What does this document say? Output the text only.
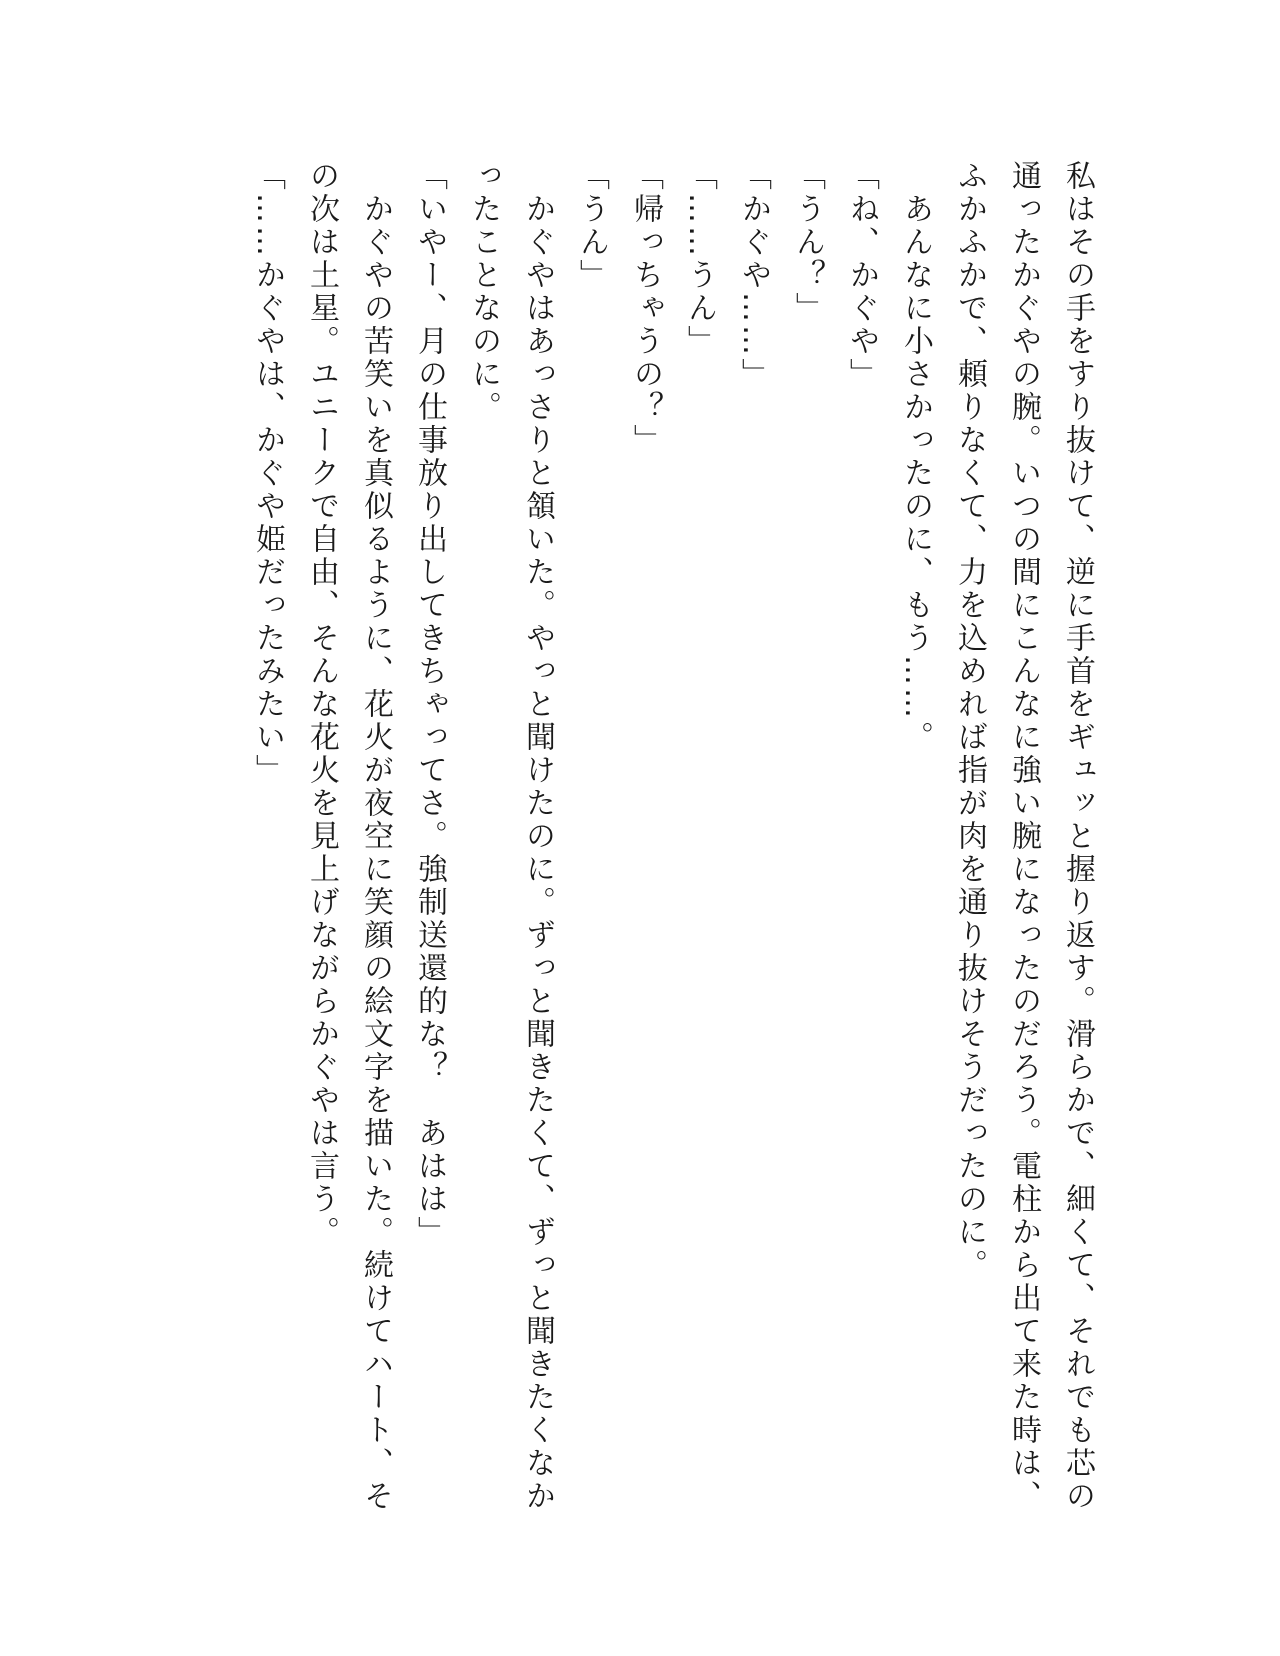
私はその手をすり抜けて、逆に手首をギュッと握り返す。滑らかで、細くて、それでも芯の通ったかぐやの腕。いつの間にこんなに強い腕になったのだろう。電柱から出て来た時は、ふかふかで、頼りなくて、力を込めれば指が肉を通り抜けそうだったのに。

　あんなに小さかったのに、もう……。

「ね、かぐや」

「うん？」

「かぐや……」

「……うん」

「帰っちゃうの？」

「うん」

　かぐやはあっさりと頷いた。やっと聞けたのに。ずっと聞きたくて、ずっと聞きたくなかったことなのに。

「いやー、月の仕事放り出してきちゃってさ。強制送還的な？　あはは」

　かぐやの苦笑いを真似るように、花火が夜空に笑顔の絵文字を描いた。続けてハート、その次は土星。ユニークで自由、そんな花火を見上げながらかぐやは言う。

「……かぐやは、かぐや姫だったみたい」
